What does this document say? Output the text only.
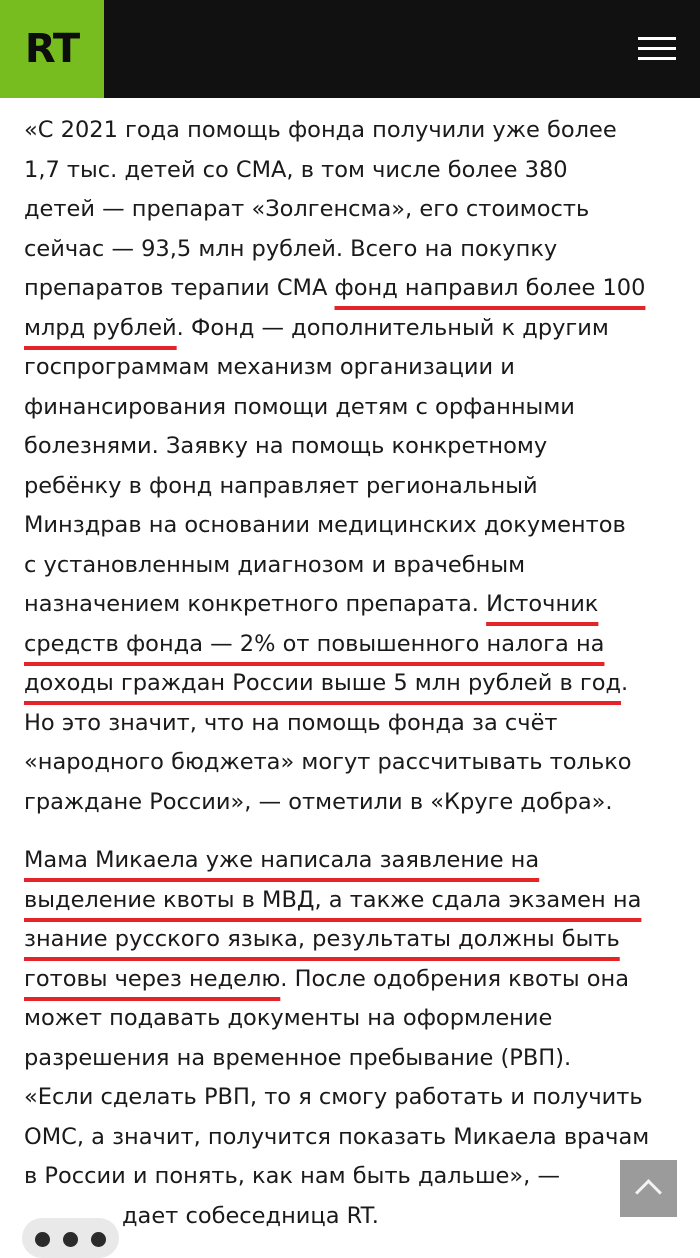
RT

«С 2021 года помощь фонда получили уже более
1,7 тыс. детей со СМА, в том числе более 380
детей — препарат «Золгенсма», его стоимость
сейчас — 93,5 млн рублей. Всего на покупку
препаратов терапии СМА фонд направил более 100
млрд рублей. Фонд — дополнительный к другим
госпрограммам механизм организации и
финансирования помощи детям с орфанными
болезнями. Заявку на помощь конкретному
ребёнку в фонд направляет региональный
Минздрав на основании медицинских документов
с установленным диагнозом и врачебным
назначением конкретного препарата. Источник
средств фонда — 2% от повышенного налога на
доходы граждан России выше 5 млн рублей в год.
Но это значит, что на помощь фонда за счёт
«народного бюджета» могут рассчитывать только
граждане России», — отметили в «Круге добра».

Мама Микаела уже написала заявление на
выделение квоты в МВД, а также сдала экзамен на
знание русского языка, результаты должны быть
готовы через неделю. После одобрения квоты она
может подавать документы на оформление
разрешения на временное пребывание (РВП).
«Если сделать РВП, то я смогу работать и получить
ОМС, а значит, получится показать Микаела врачам
в России и понять, как нам быть дальше», —
дает собеседница RT.
